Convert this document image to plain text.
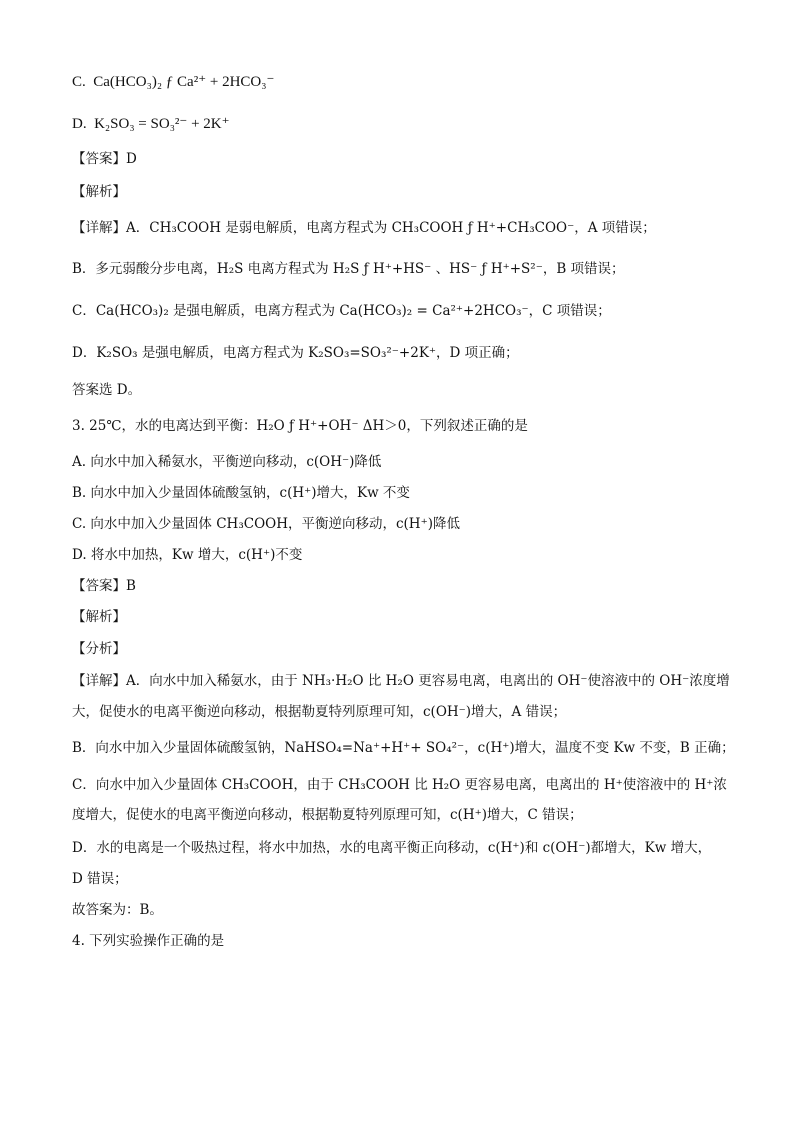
C. Ca(HCO₃)₂ ƒ Ca²⁺ + 2HCO₃⁻
D. K₂SO₃ = SO₃²⁻ + 2K⁺
【答案】D
【解析】
【详解】A．CH₃COOH 是弱电解质，电离方程式为 CH₃COOH ƒ H⁺+CH₃COO⁻，A 项错误；
B．多元弱酸分步电离，H₂S 电离方程式为 H₂S ƒ H⁺+HS⁻ 、HS⁻ ƒ H⁺+S²⁻，B 项错误；
C．Ca(HCO₃)₂ 是强电解质，电离方程式为 Ca(HCO₃)₂ = Ca²⁺+2HCO₃⁻，C 项错误；
D．K₂SO₃ 是强电解质，电离方程式为 K₂SO₃=SO₃²⁻+2K⁺，D 项正确；
答案选 D。
3. 25℃，水的电离达到平衡：H₂O ƒ H⁺+OH⁻ ΔH＞0，下列叙述正确的是
A. 向水中加入稀氨水，平衡逆向移动，c(OH⁻)降低
B. 向水中加入少量固体硫酸氢钠，c(H⁺)增大，Kw 不变
C. 向水中加入少量固体 CH₃COOH，平衡逆向移动，c(H⁺)降低
D. 将水中加热，Kw 增大，c(H⁺)不变
【答案】B
【解析】
【分析】
【详解】A．向水中加入稀氨水，由于 NH₃·H₂O 比 H₂O 更容易电离，电离出的 OH⁻使溶液中的 OH⁻浓度增
大，促使水的电离平衡逆向移动，根据勒夏特列原理可知，c(OH⁻)增大，A 错误；
B．向水中加入少量固体硫酸氢钠，NaHSO₄=Na⁺+H⁺+ SO₄²⁻，c(H⁺)增大，温度不变 Kw 不变，B 正确；
C．向水中加入少量固体 CH₃COOH，由于 CH₃COOH 比 H₂O 更容易电离，电离出的 H⁺使溶液中的 H⁺浓
度增大，促使水的电离平衡逆向移动，根据勒夏特列原理可知，c(H⁺)增大，C 错误；
D．水的电离是一个吸热过程，将水中加热，水的电离平衡正向移动，c(H⁺)和 c(OH⁻)都增大，Kw 增大，
D 错误；
故答案为：B。
4. 下列实验操作正确的是
